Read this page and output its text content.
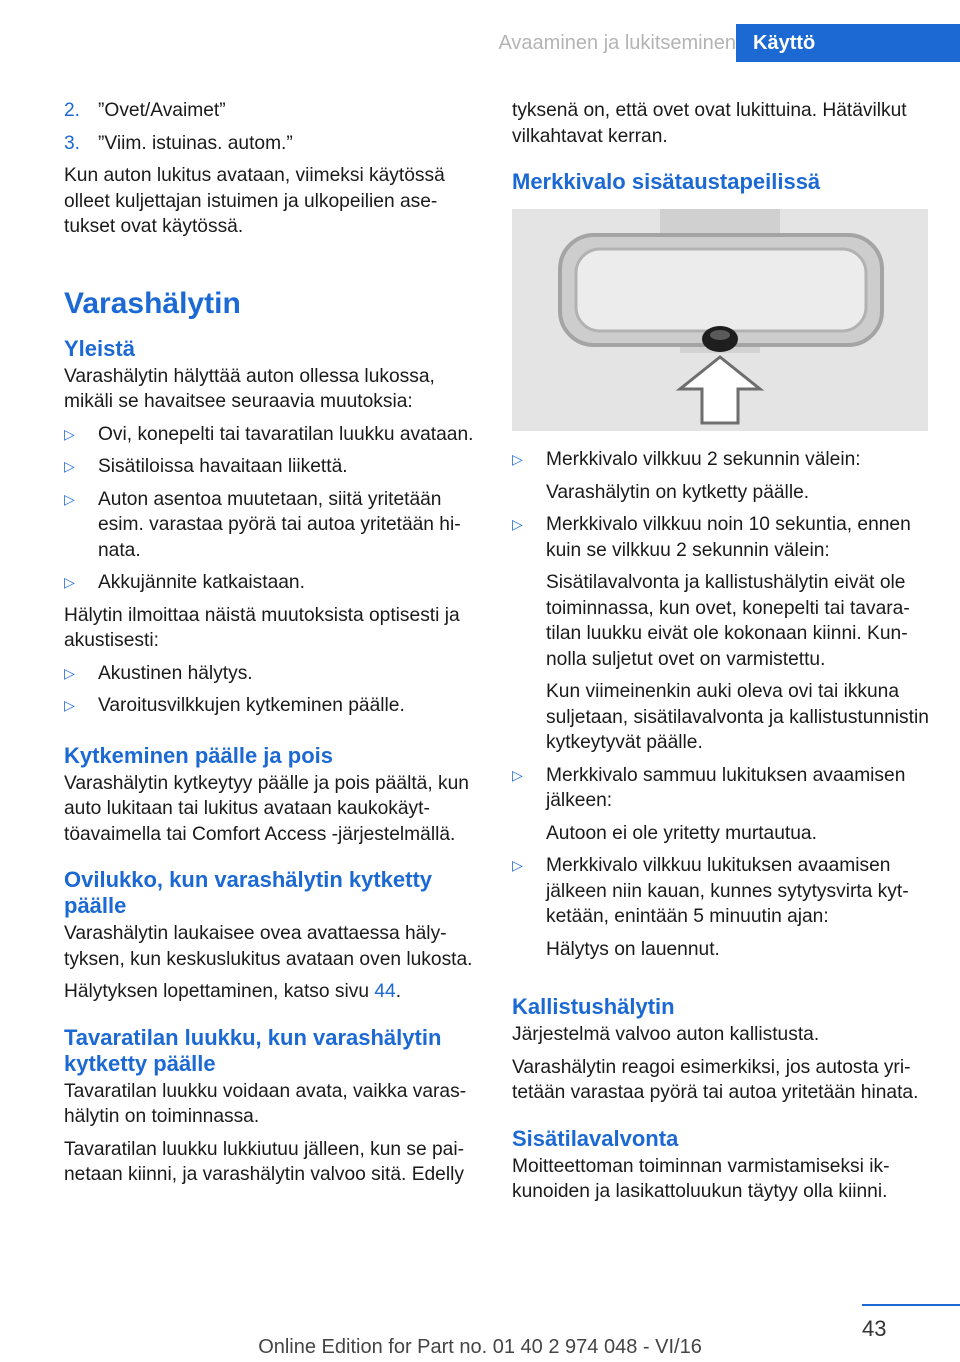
Avaaminen ja lukitseminen Käyttö
2. ”Ovet/Avaimet”
3. ”Viim. istuinas. autom.”

Kun auton lukitus avataan, viimeksi käytössä olleet kuljettajan istuimen ja ulkopeilien asetukset ovat käytössä.

Varashälytin
Yleistä

Varashälytin hälyttää auton ollessa lukossa, mikäli se havaitsee seuraavia muutoksia:

▷	Ovi, konepelti tai tavaratilan luukku avataan.
▷	Sisätiloissa havaitaan liikettä.
▷	Auton asentoa muutetaan, siitä yritetään esim. varastaa pyörä tai autoa yritetään hinata.
▷	Akkujännite katkaistaan.

Hälytin ilmoittaa näistä muutoksista optisesti ja akustisesti:

▷	Akustinen hälytys.
▷	Varoitusvilkkujen kytkeminen päälle.
Kytkeminen päälle ja pois

Varashälytin kytkeytyy päälle ja pois päältä, kun auto lukitaan tai lukitus avataan kaukokäyttöavaimella tai Comfort Access -järjestelmällä.

Ovilukko, kun varashälytin kytketty päälle

Varashälytin laukaisee ovea avattaessa hälytyksen, kun keskuslukitus avataan oven lukosta.

Hälytyksen lopettaminen, katso sivu 44.

Tavaratilan luukku, kun varashälytin kytketty päälle

Tavaratilan luukku voidaan avata, vaikka varashälytin on toiminnassa.

Tavaratilan luukku lukkiutuu jälleen, kun se painetaan kiinni, ja varashälytin valvoo sitä. Edelly

tyksenä on, että ovet ovat lukittuina. Hätävilkut vilkahtavat kerran.

Merkkivalo sisätaustapeilissä
▷	Merkkivalo vilkkuu 2 sekunnin välein:

Varashälytin on kytketty päälle.

▷	Merkkivalo vilkkuu noin 10 sekuntia, ennen kuin se vilkkuu 2 sekunnin välein:

Sisätilavalvonta ja kallistushälytin eivät ole toiminnassa, kun ovet, konepelti tai tavaratilan luukku eivät ole kokonaan kiinni. Kunnolla suljetut ovet on varmistettu.

Kun viimeinenkin auki oleva ovi tai ikkuna suljetaan, sisätilavalvonta ja kallistustunnistin kytkeytyvät päälle.

▷	Merkkivalo sammuu lukituksen avaamisen jälkeen:

Autoon ei ole yritetty murtautua.

▷	Merkkivalo vilkkuu lukituksen avaamisen jälkeen niin kauan, kunnes sytytysvirta kytketään, enintään 5 minuutin ajan:

Hälytys on lauennut.

Kallistushälytin

Järjestelmä valvoo auton kallistusta.

Varashälytin reagoi esimerkiksi, jos autosta yritetään varastaa pyörä tai autoa yritetään hinata.

Sisätilavalvonta

Moitteettoman toiminnan varmistamiseksi ikkunoiden ja lasikattoluukun täytyy olla kiinni.

43
Online Edition for Part no. 01 40 2 974 048 - VI/16
